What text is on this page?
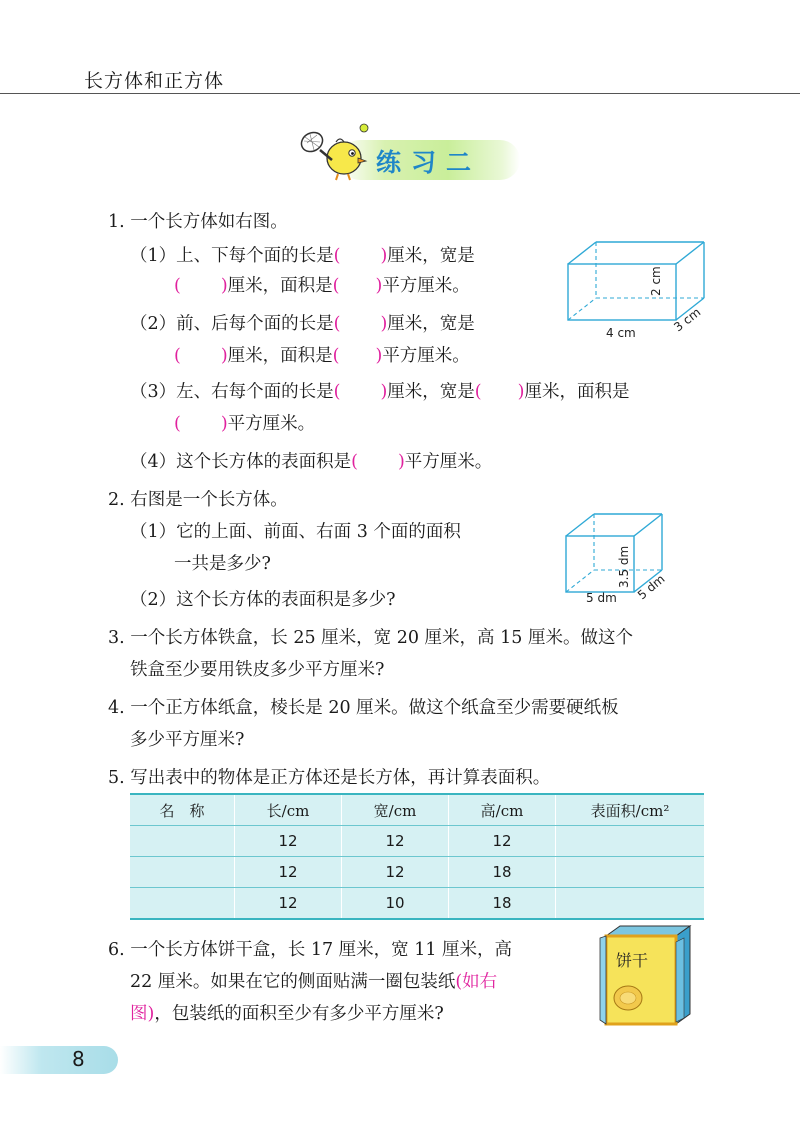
长方体和正方体
练习二
1. 一个长方体如右图。
（1）上、下每个面的长是( )厘米，宽是
( )厘米，面积是( )平方厘米。
（2）前、后每个面的长是( )厘米，宽是
( )厘米，面积是( )平方厘米。
（3）左、右每个面的长是( )厘米，宽是( )厘米，面积是
( )平方厘米。
（4）这个长方体的表面积是( )平方厘米。
4 cm
2 cm
3 cm
2. 右图是一个长方体。
（1）它的上面、前面、右面 3 个面的面积
一共是多少?
（2）这个长方体的表面积是多少?	5 dm
3.5 dm 5 dm
3. 一个长方体铁盒，长 25 厘米，宽 20 厘米，高 15 厘米。做这个
铁盒至少要用铁皮多少平方厘米?
4. 一个正方体纸盒，棱长是 20 厘米。做这个纸盒至少需要硬纸板
多少平方厘米?
5. 写出表中的物体是正方体还是长方体，再计算表面积。
名　称	长/cm	宽/cm	高/cm	表面积/cm²
	12	12	12	
	12	12	18	
	12	10	18	
6. 一个长方体饼干盒，长 17 厘米，宽 11 厘米，高
22 厘米。如果在它的侧面贴满一圈包装纸(如右
图)，包装纸的面积至少有多少平方厘米?
饼干
8
